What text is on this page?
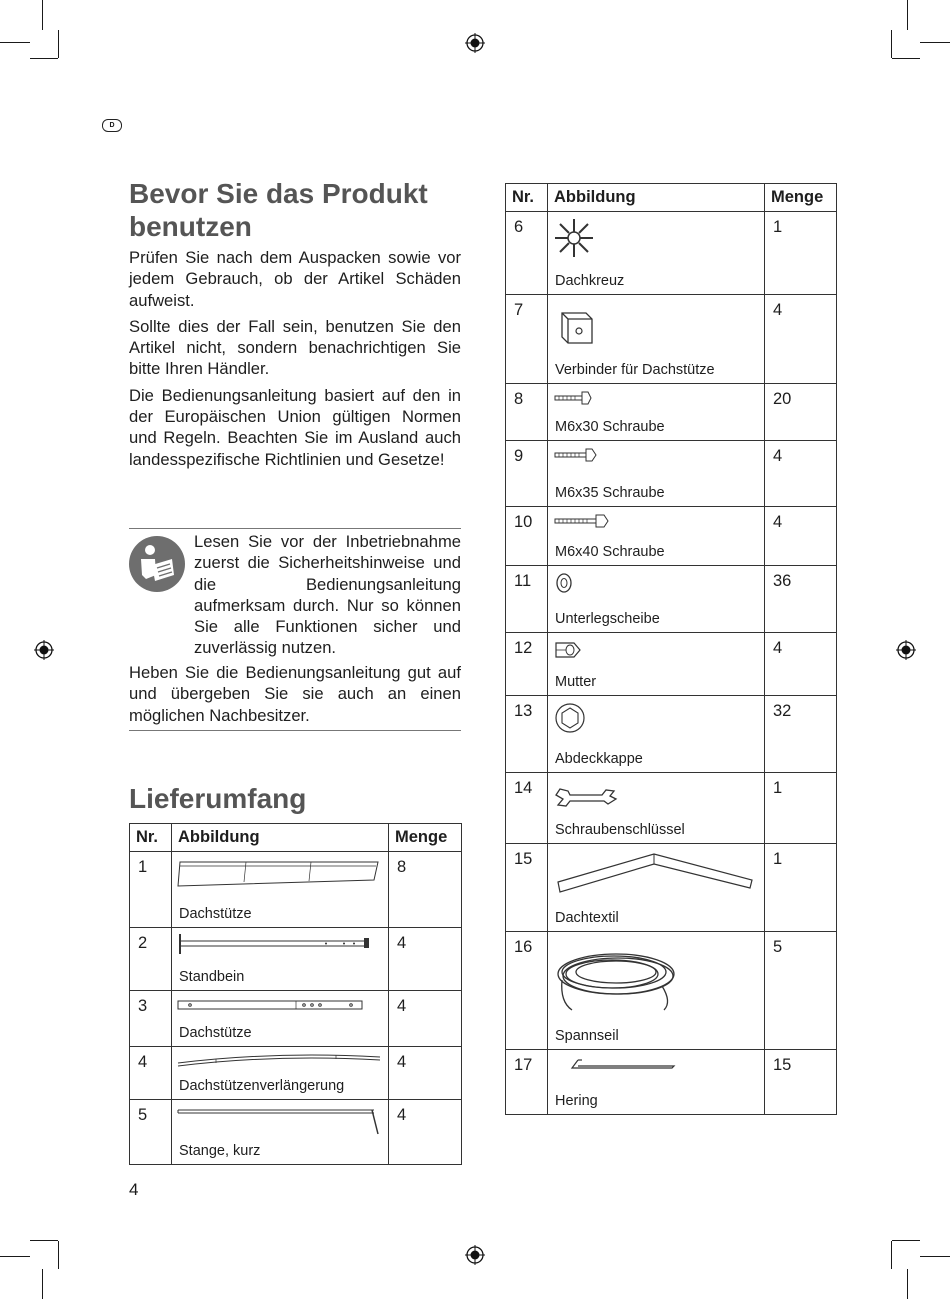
D
Bevor Sie das Produkt
benutzen

Prüfen Sie nach dem Auspacken sowie vor jedem Gebrauch, ob der Artikel Schäden aufweist.

Sollte dies der Fall sein, benutzen Sie den Artikel nicht, sondern benachrichtigen Sie bitte Ihren Händler.

Die Bedienungsanleitung basiert auf den in der Europäischen Union gültigen Normen und Regeln. Beachten Sie im Ausland auch landesspezifische Richtlinien und Gesetze!

Lesen Sie vor der Inbetriebnahme zuerst die Sicherheitshinweise und die Bedienungsanleitung aufmerksam durch. Nur so können Sie alle Funktionen sicher und zuverlässig nutzen.

Heben Sie die Bedienungsanleitung gut auf und übergeben Sie sie auch an einen möglichen Nachbesitzer.

Lieferumfang
Nr.	Abbildung	Menge
1	Dachstütze	8
2	Standbein	4
3	Dachstütze	4
4	Dachstützenverlängerung	4
5	Stange, kurz	4
Nr.	Abbildung	Menge
6	Dachkreuz	1
7	Verbinder für Dachstütze	4
8	M6x30 Schraube	20
9	M6x35 Schraube	4
10	M6x40 Schraube	4
11	Unterlegscheibe	36
12	Mutter	4
13	Abdeckkappe	32
14	Schraubenschlüssel	1
15	Dachtextil	1
16	Spannseil	5
17	Hering	15
4
